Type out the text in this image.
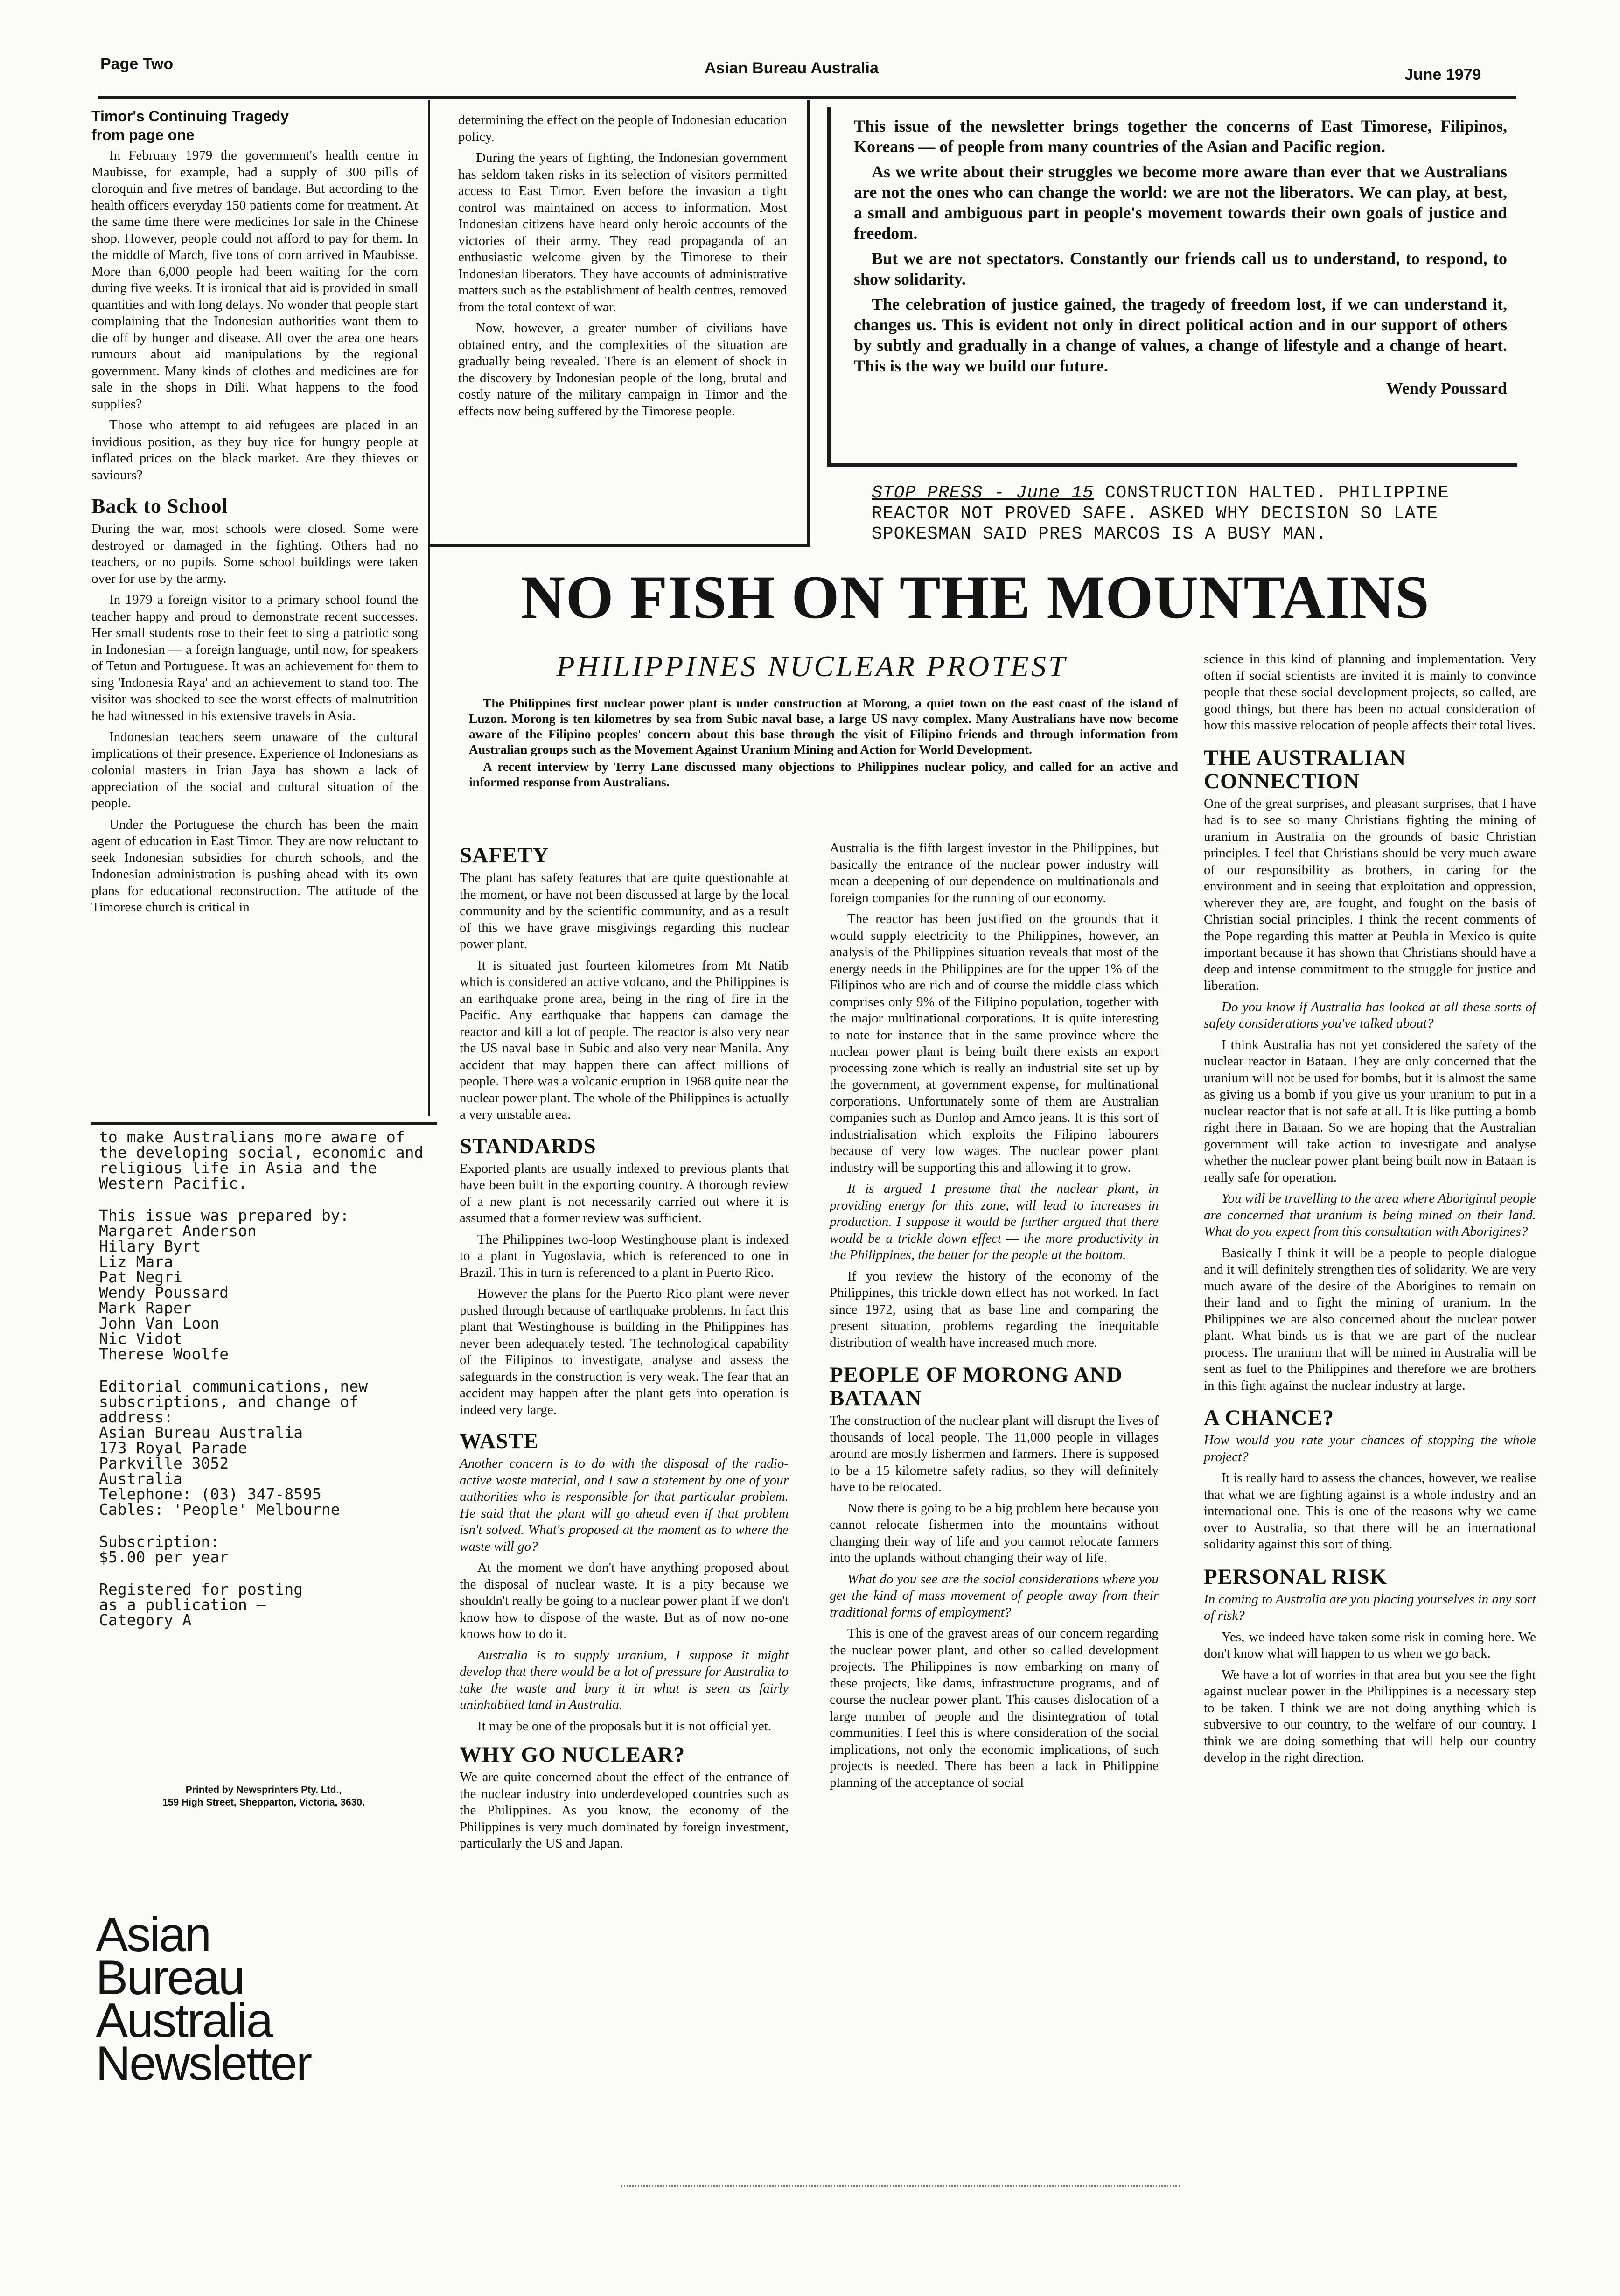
Page Two	Asian Bureau Australia	June 1979
Timor's Continuing Tragedy
from page one

In February 1979 the government's health centre in Maubisse, for example, had a supply of 300 pills of cloroquin and five metres of bandage. But according to the health officers everyday 150 patients come for treatment. At the same time there were medicines for sale in the Chinese shop. However, people could not afford to pay for them. In the middle of March, five tons of corn arrived in Maubisse. More than 6,000 people had been waiting for the corn during five weeks. It is ironical that aid is provided in small quantities and with long delays. No wonder that people start complaining that the Indonesian authorities want them to die off by hunger and disease. All over the area one hears rumours about aid manipulations by the regional government. Many kinds of clothes and medicines are for sale in the shops in Dili. What happens to the food supplies?

Those who attempt to aid refugees are placed in an invidious position, as they buy rice for hungry people at inflated prices on the black market. Are they thieves or saviours?

Back to School

During the war, most schools were closed. Some were destroyed or damaged in the fighting. Others had no teachers, or no pupils. Some school buildings were taken over for use by the army.

In 1979 a foreign visitor to a primary school found the teacher happy and proud to demonstrate recent successes. Her small students rose to their feet to sing a patriotic song in Indonesian — a foreign language, until now, for speakers of Tetun and Portuguese. It was an achievement for them to sing 'Indonesia Raya' and an achievement to stand too. The visitor was shocked to see the worst effects of malnutrition he had witnessed in his extensive travels in Asia.

Indonesian teachers seem unaware of the cultural implications of their presence. Experience of Indonesians as colonial masters in Irian Jaya has shown a lack of appreciation of the social and cultural situation of the people.

Under the Portuguese the church has been the main agent of education in East Timor. They are now reluctant to seek Indonesian subsidies for church schools, and the Indonesian administration is pushing ahead with its own plans for educational reconstruction. The attitude of the Timorese church is critical in

determining the effect on the people of Indonesian education policy.

During the years of fighting, the Indonesian government has seldom taken risks in its selection of visitors permitted access to East Timor. Even before the invasion a tight control was maintained on access to information. Most Indonesian citizens have heard only heroic accounts of the victories of their army. They read propaganda of an enthusiastic welcome given by the Timorese to their Indonesian liberators. They have accounts of administrative matters such as the establishment of health centres, removed from the total context of war.

Now, however, a greater number of civilians have obtained entry, and the complexities of the situation are gradually being revealed. There is an element of shock in the discovery by Indonesian people of the long, brutal and costly nature of the military campaign in Timor and the effects now being suffered by the Timorese people.

This issue of the newsletter brings together the concerns of East Timorese, Filipinos, Koreans — of people from many countries of the Asian and Pacific region.

As we write about their struggles we become more aware than ever that we Australians are not the ones who can change the world: we are not the liberators. We can play, at best, a small and ambiguous part in people's movement towards their own goals of justice and freedom.

But we are not spectators. Constantly our friends call us to understand, to respond, to show solidarity.

The celebration of justice gained, the tragedy of freedom lost, if we can understand it, changes us. This is evident not only in direct political action and in our support of others by subtly and gradually in a change of values, a change of lifestyle and a change of heart. This is the way we build our future.

Wendy Poussard
STOP PRESS - June 15 CONSTRUCTION HALTED. PHILIPPINE
REACTOR NOT PROVED SAFE. ASKED WHY DECISION SO LATE
SPOKESMAN SAID PRES MARCOS IS A BUSY MAN.
NO FISH ON THE MOUNTAINS
PHILIPPINES NUCLEAR PROTEST

The Philippines first nuclear power plant is under construction at Morong, a quiet town on the east coast of the island of Luzon. Morong is ten kilometres by sea from Subic naval base, a large US navy complex. Many Australians have now become aware of the Filipino peoples' concern about this base through the visit of Filipino friends and through information from Australian groups such as the Movement Against Uranium Mining and Action for World Development.

A recent interview by Terry Lane discussed many objections to Philippines nuclear policy, and called for an active and informed response from Australians.

SAFETY

The plant has safety features that are quite questionable at the moment, or have not been discussed at large by the local community and by the scientific community, and as a result of this we have grave misgivings regarding this nuclear power plant.

It is situated just fourteen kilometres from Mt Natib which is considered an active volcano, and the Philippines is an earthquake prone area, being in the ring of fire in the Pacific. Any earthquake that happens can damage the reactor and kill a lot of people. The reactor is also very near the US naval base in Subic and also very near Manila. Any accident that may happen there can affect millions of people. There was a volcanic eruption in 1968 quite near the nuclear power plant. The whole of the Philippines is actually a very unstable area.

STANDARDS

Exported plants are usually indexed to previous plants that have been built in the exporting country. A thorough review of a new plant is not necessarily carried out where it is assumed that a former review was sufficient.

The Philippines two-loop Westinghouse plant is indexed to a plant in Yugoslavia, which is referenced to one in Brazil. This in turn is referenced to a plant in Puerto Rico.

However the plans for the Puerto Rico plant were never pushed through because of earthquake problems. In fact this plant that Westinghouse is building in the Philippines has never been adequately tested. The technological capability of the Filipinos to investigate, analyse and assess the safeguards in the construction is very weak. The fear that an accident may happen after the plant gets into operation is indeed very large.

WASTE

Another concern is to do with the disposal of the radio-active waste material, and I saw a statement by one of your authorities who is responsible for that particular problem. He said that the plant will go ahead even if that problem isn't solved. What's proposed at the moment as to where the waste will go?

At the moment we don't have anything proposed about the disposal of nuclear waste. It is a pity because we shouldn't really be going to a nuclear power plant if we don't know how to dispose of the waste. But as of now no-one knows how to do it.

Australia is to supply uranium, I suppose it might develop that there would be a lot of pressure for Australia to take the waste and bury it in what is seen as fairly uninhabited land in Australia.

It may be one of the proposals but it is not official yet.

WHY GO NUCLEAR?

We are quite concerned about the effect of the entrance of the nuclear industry into underdeveloped countries such as the Philippines. As you know, the economy of the Philippines is very much dominated by foreign investment, particularly the US and Japan.

Australia is the fifth largest investor in the Philippines, but basically the entrance of the nuclear power industry will mean a deepening of our dependence on multinationals and foreign companies for the running of our economy.

The reactor has been justified on the grounds that it would supply electricity to the Philippines, however, an analysis of the Philippines situation reveals that most of the energy needs in the Philippines are for the upper 1% of the Filipinos who are rich and of course the middle class which comprises only 9% of the Filipino population, together with the major multinational corporations. It is quite interesting to note for instance that in the same province where the nuclear power plant is being built there exists an export processing zone which is really an industrial site set up by the government, at government expense, for multinational corporations. Unfortunately some of them are Australian companies such as Dunlop and Amco jeans. It is this sort of industrialisation which exploits the Filipino labourers because of very low wages. The nuclear power plant industry will be supporting this and allowing it to grow.

It is argued I presume that the nuclear plant, in providing energy for this zone, will lead to increases in production. I suppose it would be further argued that there would be a trickle down effect — the more productivity in the Philippines, the better for the people at the bottom.

If you review the history of the economy of the Philippines, this trickle down effect has not worked. In fact since 1972, using that as base line and comparing the present situation, problems regarding the inequitable distribution of wealth have increased much more.

PEOPLE OF MORONG AND BATAAN

The construction of the nuclear plant will disrupt the lives of thousands of local people. The 11,000 people in villages around are mostly fishermen and farmers. There is supposed to be a 15 kilometre safety radius, so they will definitely have to be relocated.

Now there is going to be a big problem here because you cannot relocate fishermen into the mountains without changing their way of life and you cannot relocate farmers into the uplands without changing their way of life.

What do you see are the social considerations where you get the kind of mass movement of people away from their traditional forms of employment?

This is one of the gravest areas of our concern regarding the nuclear power plant, and other so called development projects. The Philippines is now embarking on many of these projects, like dams, infrastructure programs, and of course the nuclear power plant. This causes dislocation of a large number of people and the disintegration of total communities. I feel this is where consideration of the social implications, not only the economic implications, of such projects is needed. There has been a lack in Philippine planning of the acceptance of social

science in this kind of planning and implementation. Very often if social scientists are invited it is mainly to convince people that these social development projects, so called, are good things, but there has been no actual consideration of how this massive relocation of people affects their total lives.

THE AUSTRALIAN CONNECTION

One of the great surprises, and pleasant surprises, that I have had is to see so many Christians fighting the mining of uranium in Australia on the grounds of basic Christian principles. I feel that Christians should be very much aware of our responsibility as brothers, in caring for the environment and in seeing that exploitation and oppression, wherever they are, are fought, and fought on the basis of Christian social principles. I think the recent comments of the Pope regarding this matter at Peubla in Mexico is quite important because it has shown that Christians should have a deep and intense commitment to the struggle for justice and liberation.

Do you know if Australia has looked at all these sorts of safety considerations you've talked about?

I think Australia has not yet considered the safety of the nuclear reactor in Bataan. They are only concerned that the uranium will not be used for bombs, but it is almost the same as giving us a bomb if you give us your uranium to put in a nuclear reactor that is not safe at all. It is like putting a bomb right there in Bataan. So we are hoping that the Australian government will take action to investigate and analyse whether the nuclear power plant being built now in Bataan is really safe for operation.

You will be travelling to the area where Aboriginal people are concerned that uranium is being mined on their land. What do you expect from this consultation with Aborigines?

Basically I think it will be a people to people dialogue and it will definitely strengthen ties of solidarity. We are very much aware of the desire of the Aborigines to remain on their land and to fight the mining of uranium. In the Philippines we are also concerned about the nuclear power plant. What binds us is that we are part of the nuclear process. The uranium that will be mined in Australia will be sent as fuel to the Philippines and therefore we are brothers in this fight against the nuclear industry at large.

A CHANCE?

How would you rate your chances of stopping the whole project?

It is really hard to assess the chances, however, we realise that what we are fighting against is a whole industry and an international one. This is one of the reasons why we came over to Australia, so that there will be an international solidarity against this sort of thing.

PERSONAL RISK

In coming to Australia are you placing yourselves in any sort of risk?

Yes, we indeed have taken some risk in coming here. We don't know what will happen to us when we go back.

We have a lot of worries in that area but you see the fight against nuclear power in the Philippines is a necessary step to be taken. I think we are not doing anything which is subversive to our country, to the welfare of our country. I think we are doing something that will help our country develop in the right direction.

to make Australians more aware of the developing social, economic and religious life in Asia and the Western Pacific.
This issue was prepared by:
Margaret Anderson
Hilary Byrt
Liz Mara
Pat Negri
Wendy Poussard
Mark Raper
John Van Loon
Nic Vidot
Therese Woolfe
Editorial communications, new subscriptions, and change of address:
Asian Bureau Australia
173 Royal Parade
Parkville 3052
Australia
Telephone: (03) 347-8595
Cables: 'People' Melbourne
Subscription:
$5.00 per year
Registered for posting
as a publication —
Category A
Printed by Newsprinters Pty. Ltd.,
159 High Street, Shepparton, Victoria, 3630.
Asian
Bureau
Australia
Newsletter
